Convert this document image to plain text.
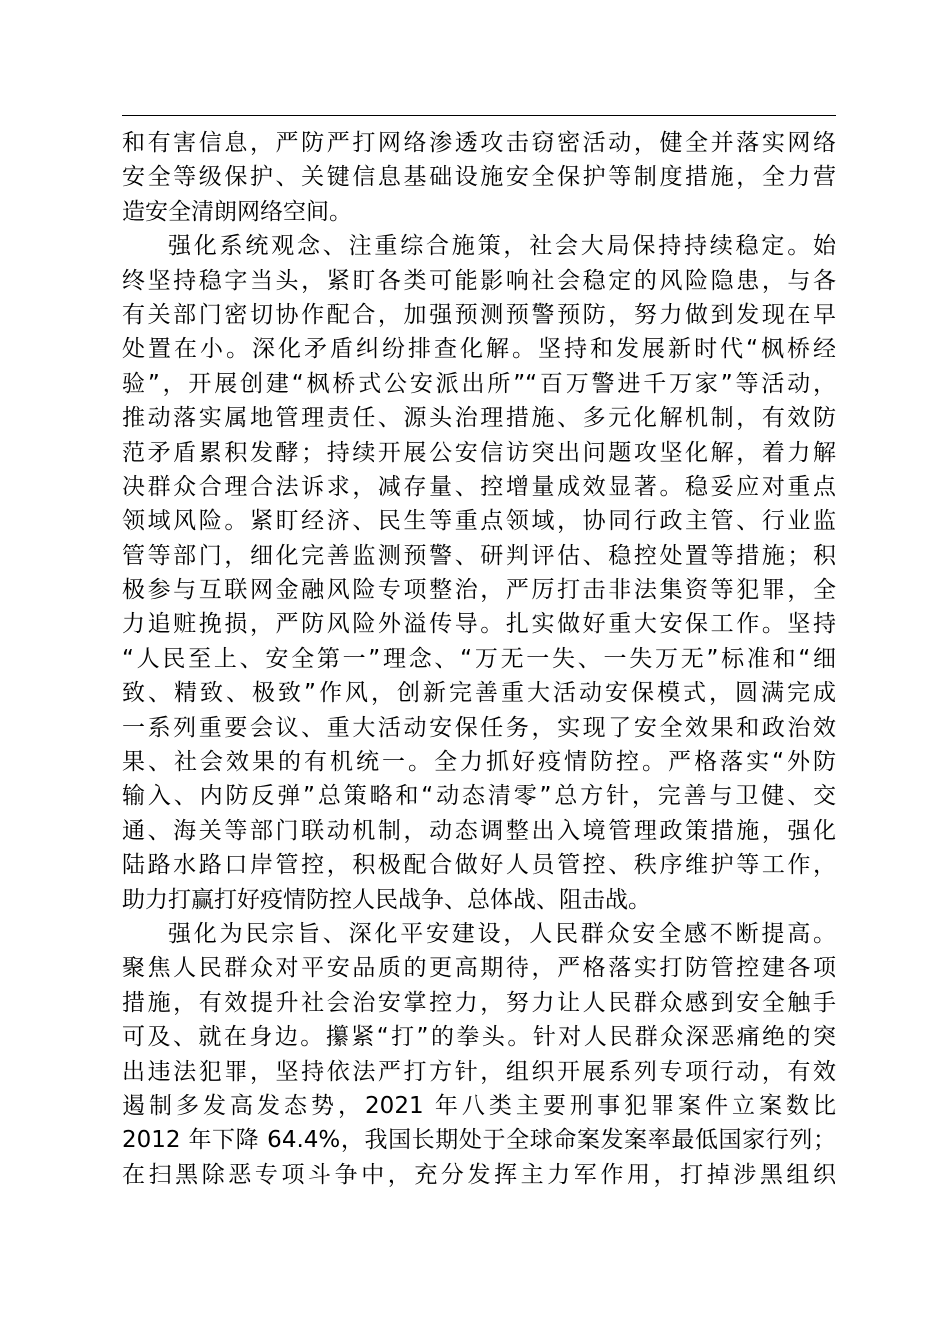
和有害信息，严防严打网络渗透攻击窃密活动，健全并落实网络
安全等级保护、关键信息基础设施安全保护等制度措施，全力营
造安全清朗网络空间。
强化系统观念、注重综合施策，社会大局保持持续稳定。始
终坚持稳字当头，紧盯各类可能影响社会稳定的风险隐患，与各
有关部门密切协作配合，加强预测预警预防，努力做到发现在早
处置在小。深化矛盾纠纷排查化解。坚持和发展新时代“枫桥经
验”，开展创建“枫桥式公安派出所”“百万警进千万家”等活动，
推动落实属地管理责任、源头治理措施、多元化解机制，有效防
范矛盾累积发酵；持续开展公安信访突出问题攻坚化解，着力解
决群众合理合法诉求，减存量、控增量成效显著。稳妥应对重点
领域风险。紧盯经济、民生等重点领域，协同行政主管、行业监
管等部门，细化完善监测预警、研判评估、稳控处置等措施；积
极参与互联网金融风险专项整治，严厉打击非法集资等犯罪，全
力追赃挽损，严防风险外溢传导。扎实做好重大安保工作。坚持
“人民至上、安全第一”理念、“万无一失、一失万无”标准和“细
致、精致、极致”作风，创新完善重大活动安保模式，圆满完成
一系列重要会议、重大活动安保任务，实现了安全效果和政治效
果、社会效果的有机统一。全力抓好疫情防控。严格落实“外防
输入、内防反弹”总策略和“动态清零”总方针，完善与卫健、交
通、海关等部门联动机制，动态调整出入境管理政策措施，强化
陆路水路口岸管控，积极配合做好人员管控、秩序维护等工作，
助力打赢打好疫情防控人民战争、总体战、阻击战。
强化为民宗旨、深化平安建设，人民群众安全感不断提高。
聚焦人民群众对平安品质的更高期待，严格落实打防管控建各项
措施，有效提升社会治安掌控力，努力让人民群众感到安全触手
可及、就在身边。攥紧“打”的拳头。针对人民群众深恶痛绝的突
出违法犯罪，坚持依法严打方针，组织开展系列专项行动，有效
遏制多发高发态势，2021 年八类主要刑事犯罪案件立案数比
2012 年下降 64.4%，我国长期处于全球命案发案率最低国家行列；
在扫黑除恶专项斗争中，充分发挥主力军作用，打掉涉黑组织
